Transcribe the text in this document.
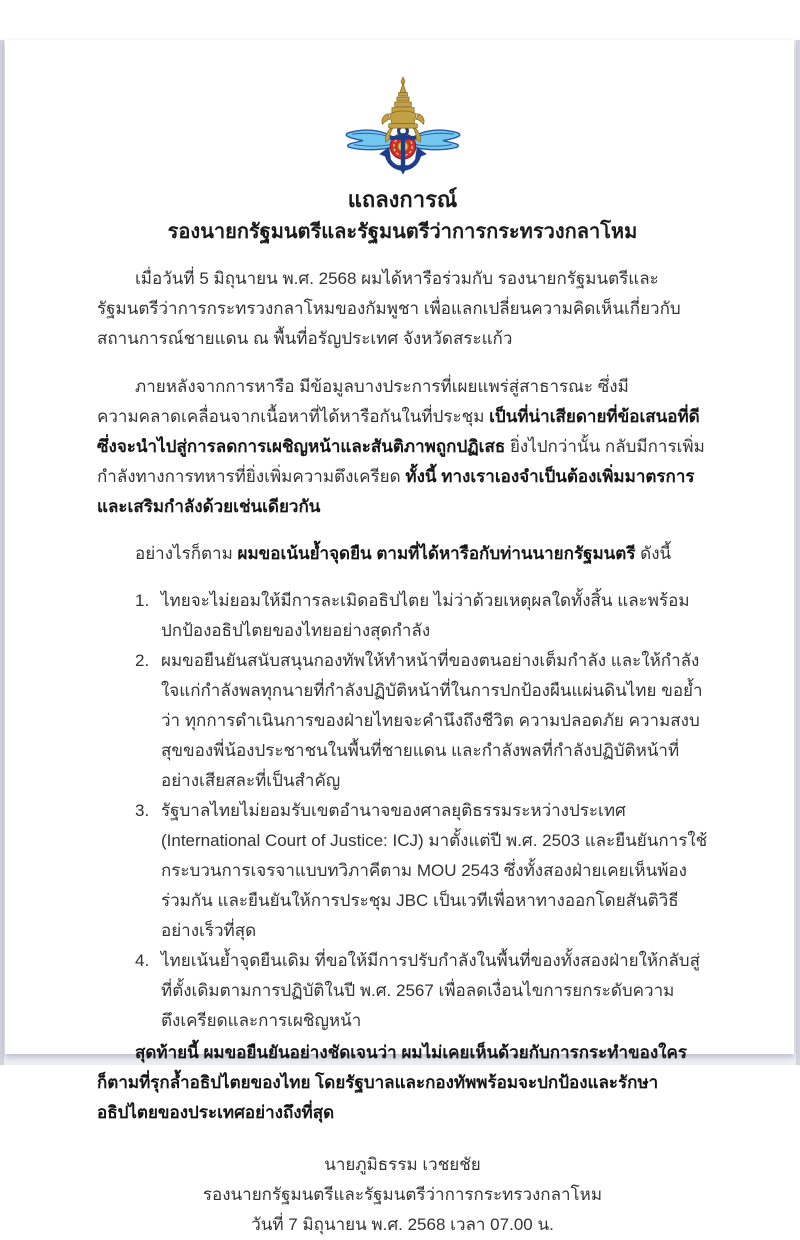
แถลงการณ์
รองนายกรัฐมนตรีและรัฐมนตรีว่าการกระทรวงกลาโหม

เมื่อวันที่ 5 มิถุนายน พ.ศ. 2568 ผมได้หารือร่วมกับ รองนายกรัฐมนตรีและรัฐมนตรีว่าการกระทรวงกลาโหมของกัมพูชา เพื่อแลกเปลี่ยนความคิดเห็นเกี่ยวกับสถานการณ์ชายแดน ณ พื้นที่อรัญประเทศ จังหวัดสระแก้ว

ภายหลังจากการหารือ มีข้อมูลบางประการที่เผยแพร่สู่สาธารณะ ซึ่งมีความคลาดเคลื่อนจากเนื้อหาที่ได้หารือกันในที่ประชุม เป็นที่น่าเสียดายที่ข้อเสนอที่ดี ซึ่งจะนำไปสู่การลดการเผชิญหน้าและสันติภาพถูกปฏิเสธ ยิ่งไปกว่านั้น กลับมีการเพิ่มกำลังทางการทหารที่ยิ่งเพิ่มความตึงเครียด ทั้งนี้ ทางเราเองจำเป็นต้องเพิ่มมาตรการและเสริมกำลังด้วยเช่นเดียวกัน

อย่างไรก็ตาม ผมขอเน้นย้ำจุดยืน ตามที่ได้หารือกับท่านนายกรัฐมนตรี ดังนี้

1. ไทยจะไม่ยอมให้มีการละเมิดอธิปไตย ไม่ว่าด้วยเหตุผลใดทั้งสิ้น และพร้อมปกป้องอธิปไตยของไทยอย่างสุดกำลัง
2. ผมขอยืนยันสนับสนุนกองทัพให้ทำหน้าที่ของตนอย่างเต็มกำลัง และให้กำลังใจแก่กำลังพลทุกนายที่กำลังปฏิบัติหน้าที่ในการปกป้องผืนแผ่นดินไทย ขอย้ำว่า ทุกการดำเนินการของฝ่ายไทยจะคำนึงถึงชีวิต ความปลอดภัย ความสงบสุขของพี่น้องประชาชนในพื้นที่ชายแดน และกำลังพลที่กำลังปฏิบัติหน้าที่อย่างเสียสละที่เป็นสำคัญ
3. รัฐบาลไทยไม่ยอมรับเขตอำนาจของศาลยุติธรรมระหว่างประเทศ (International Court of Justice: ICJ) มาตั้งแต่ปี พ.ศ. 2503 และยืนยันการใช้กระบวนการเจรจาแบบทวิภาคีตาม MOU 2543 ซึ่งทั้งสองฝ่ายเคยเห็นพ้องร่วมกัน และยืนยันให้การประชุม JBC เป็นเวทีเพื่อหาทางออกโดยสันติวิธีอย่างเร็วที่สุด
4. ไทยเน้นย้ำจุดยืนเดิม ที่ขอให้มีการปรับกำลังในพื้นที่ของทั้งสองฝ่ายให้กลับสู่ที่ตั้งเดิมตามการปฏิบัติในปี พ.ศ. 2567 เพื่อลดเงื่อนไขการยกระดับความตึงเครียดและการเผชิญหน้า

สุดท้ายนี้ ผมขอยืนยันอย่างชัดเจนว่า ผมไม่เคยเห็นด้วยกับการกระทำของใครก็ตามที่รุกล้ำอธิปไตยของไทย โดยรัฐบาลและกองทัพพร้อมจะปกป้องและรักษาอธิปไตยของประเทศอย่างถึงที่สุด

นายภูมิธรรม เวชยชัย
รองนายกรัฐมนตรีและรัฐมนตรีว่าการกระทรวงกลาโหม
วันที่ 7 มิถุนายน พ.ศ. 2568 เวลา 07.00 น.
